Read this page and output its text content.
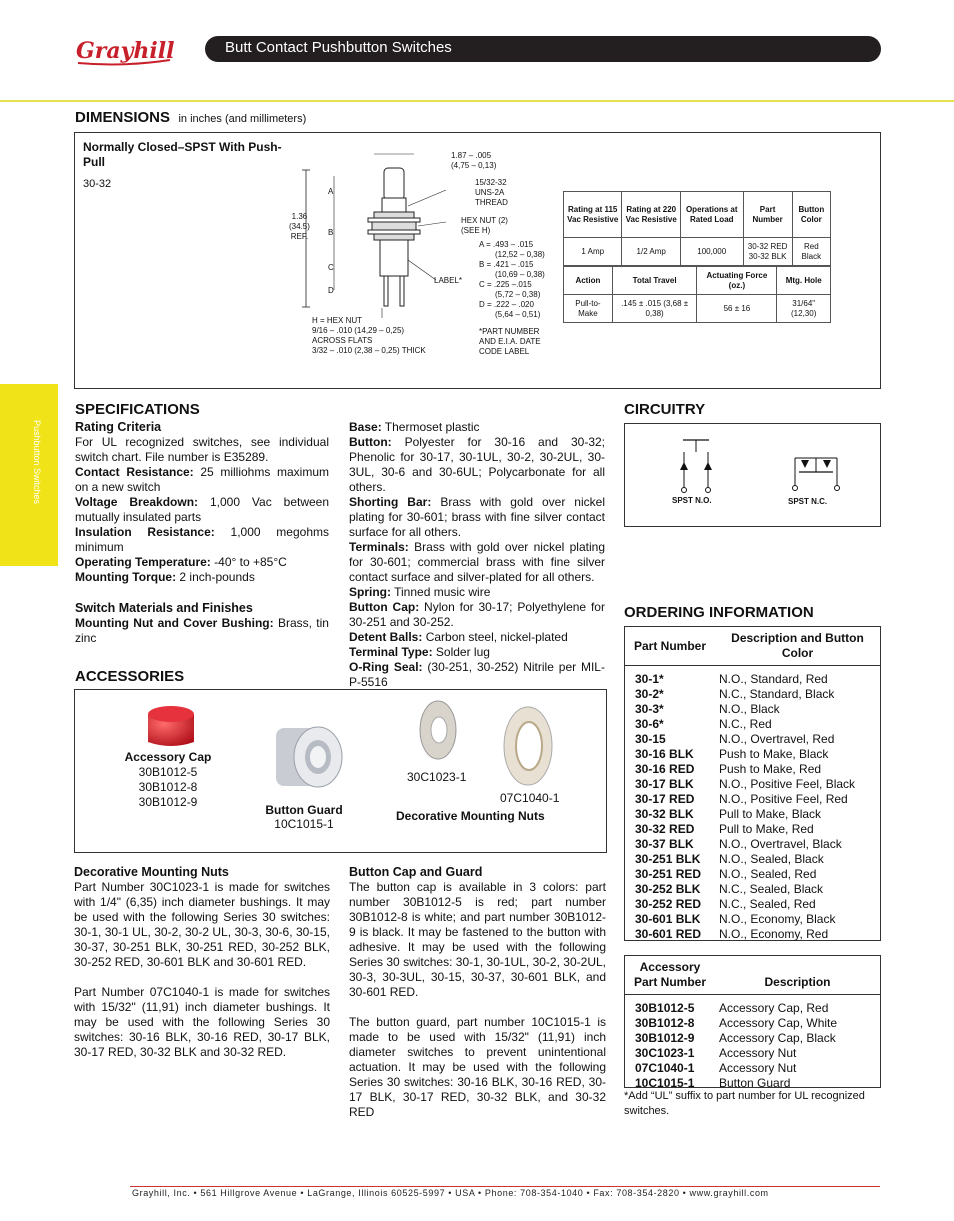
Grayhill	Butt Contact Pushbutton Switches
Pushbutton Switches
DIMENSIONS in inches (and millimeters)
Normally Closed–SPST With Push-Pull
30-32
A
B
C
D
1.36
(34.5)
REF.
1.87 – .005
(4,75 – 0,13)
15/32-32
UNS-2A
THREAD
HEX NUT (2)
(SEE H)
A = .493 – .015
(12,52 – 0,38)
B = .421 – .015
(10,69 – 0,38)
C = .225 –.015
(5,72 – 0,38)
D = .222 – .020
(5,64 – 0,51)
LABEL*
H = HEX NUT
9/16 – .010 (14,29 – 0,25)
ACROSS FLATS
3/32 – .010 (2,38 – 0,25) THICK
*PART NUMBER
AND E.I.A. DATE
CODE LABEL
Rating at 115 Vac Resistive	Rating at 220 Vac Resistive	Operations at Rated Load	Part Number	Button Color
1 Amp	1/2 Amp	100,000	30-32 RED 30-32 BLK	Red Black
Action	Total Travel	Actuating Force (oz.)	Mtg. Hole
Pull-to-Make	.145 ± .015 (3,68 ± 0,38)	56 ± 16	31/64" (12,30)
SPECIFICATIONS
Rating Criteria
For UL recognized switches, see individual switch chart. File number is E35289.
Contact Resistance: 25 milliohms maximum on a new switch
Voltage Breakdown: 1,000 Vac between mutually insulated parts
Insulation Resistance: 1,000 megohms minimum
Operating Temperature: -40° to +85°C
Mounting Torque: 2 inch-pounds
Switch Materials and Finishes
Mounting Nut and Cover Bushing: Brass, tin zinc
Base: Thermoset plastic
Button: Polyester for 30-16 and 30-32; Phenolic for 30-17, 30-1UL, 30-2, 30-2UL, 30-3UL, 30-6 and 30-6UL; Polycarbonate for all others.
Shorting Bar: Brass with gold over nickel plating for 30-601; brass with fine silver contact surface for all others.
Terminals: Brass with gold over nickel plating for 30-601; commercial brass with fine silver contact surface and silver-plated for all others.
Spring: Tinned music wire
Button Cap: Nylon for 30-17; Polyethylene for 30-251 and 30-252.
Detent Balls: Carbon steel, nickel-plated
Terminal Type: Solder lug
O-Ring Seal: (30-251, 30-252) Nitrile per MIL-P-5516
CIRCUITRY
SPST N.O.	SPST N.C.
ACCESSORIES
Accessory Cap
30B1012-5
30B1012-8
30B1012-9
Button Guard
10C1015-1
30C1023-1
07C1040-1
Decorative Mounting Nuts
Decorative Mounting Nuts
Part Number 30C1023-1 is made for switches with 1/4" (6,35) inch diameter bushings. It may be used with the following Series 30 switches: 30-1, 30-1 UL, 30-2, 30-2 UL, 30-3, 30-6, 30-15, 30-37, 30-251 BLK, 30-251 RED, 30-252 BLK, 30-252 RED, 30-601 BLK and 30-601 RED.
Part Number 07C1040-1 is made for switches with 15/32" (11,91) inch diameter bushings. It may be used with the following Series 30 switches: 30-16 BLK, 30-16 RED, 30-17 BLK, 30-17 RED, 30-32 BLK and 30-32 RED.
Button Cap and Guard
The button cap is available in 3 colors: part number 30B1012-5 is red; part number 30B1012-8 is white; and part number 30B1012-9 is black. It may be fastened to the button with adhesive. It may be used with the following Series 30 switches: 30-1, 30-1UL, 30-2, 30-2UL, 30-3, 30-3UL, 30-15, 30-37, 30-601 BLK, and 30-601 RED.
The button guard, part number 10C1015-1 is made to be used with 15/32" (11,91) inch diameter switches to prevent unintentional actuation. It may be used with the following Series 30 switches: 30-16 BLK, 30-16 RED, 30-17 BLK, 30-17 RED, 30-32 BLK, and 30-32 RED
ORDERING INFORMATION
Part Number	Description and Button Color
30-1*	N.O., Standard, Red
30-2*	N.C., Standard, Black
30-3*	N.O., Black
30-6*	N.C., Red
30-15	N.O., Overtravel, Red
30-16 BLK	Push to Make, Black
30-16 RED	Push to Make, Red
30-17 BLK	N.O., Positive Feel, Black
30-17 RED	N.O., Positive Feel, Red
30-32 BLK	Pull to Make, Black
30-32 RED	Pull to Make, Red
30-37 BLK	N.O., Overtravel, Black
30-251 BLK	N.O., Sealed, Black
30-251 RED	N.O., Sealed, Red
30-252 BLK	N.C., Sealed, Black
30-252 RED	N.C., Sealed, Red
30-601 BLK	N.O., Economy, Black
30-601 RED	N.O., Economy, Red
Accessory Part Number	Description
30B1012-5	Accessory Cap, Red
30B1012-8	Accessory Cap, White
30B1012-9	Accessory Cap, Black
30C1023-1	Accessory Nut
07C1040-1	Accessory Nut
10C1015-1	Button Guard
*Add “UL” suffix to part number for UL recognized switches.
Grayhill, Inc. • 561 Hillgrove Avenue • LaGrange, Illinois 60525-5997 • USA • Phone: 708-354-1040 • Fax: 708-354-2820 • www.grayhill.com
